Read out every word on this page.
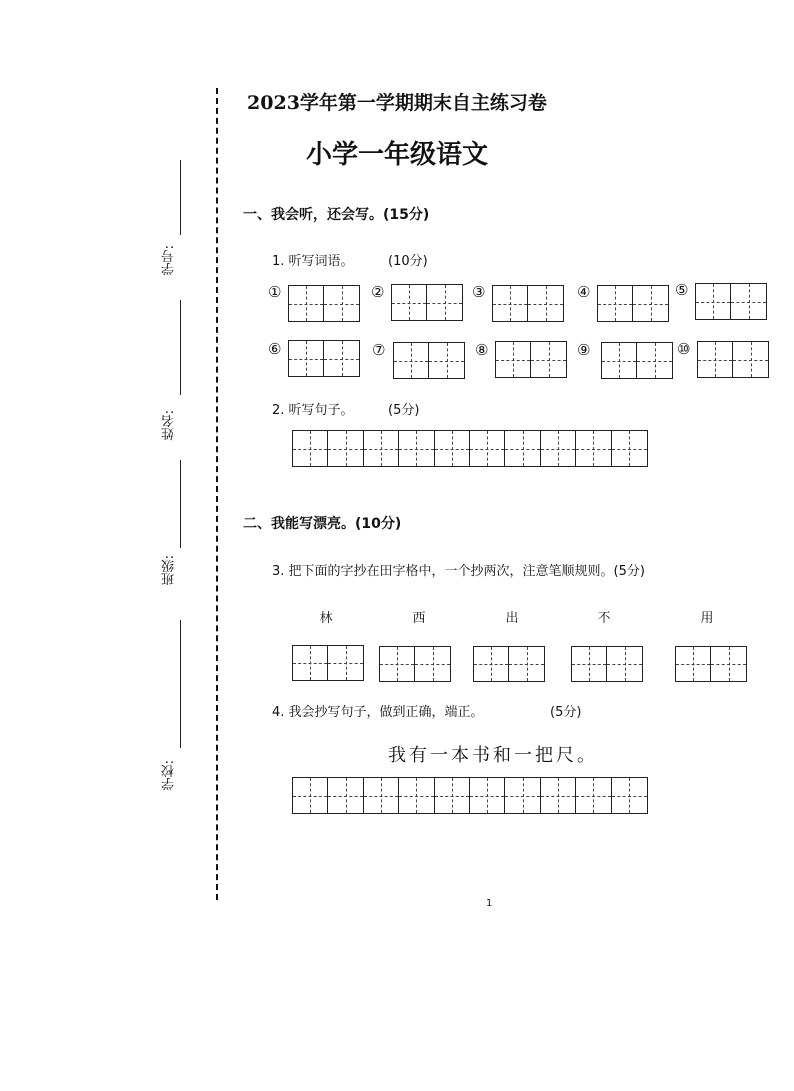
学号:
姓名:
班级:
学校:
2023学年第一学期期末自主练习卷
小学一年级语文
一、我会听，还会写。(15分)
1. 听写词语。	(10分)
①	②	③	④	⑤
⑥	⑦	⑧	⑨	⑩
2. 听写句子。	(5分)
二、我能写漂亮。(10分)
3. 把下面的字抄在田字格中，一个抄两次，注意笔顺规则。(5分)
林	西	出	不	用
4. 我会抄写句子，做到正确，端正。	(5分)
我有一本书和一把尺。
1
